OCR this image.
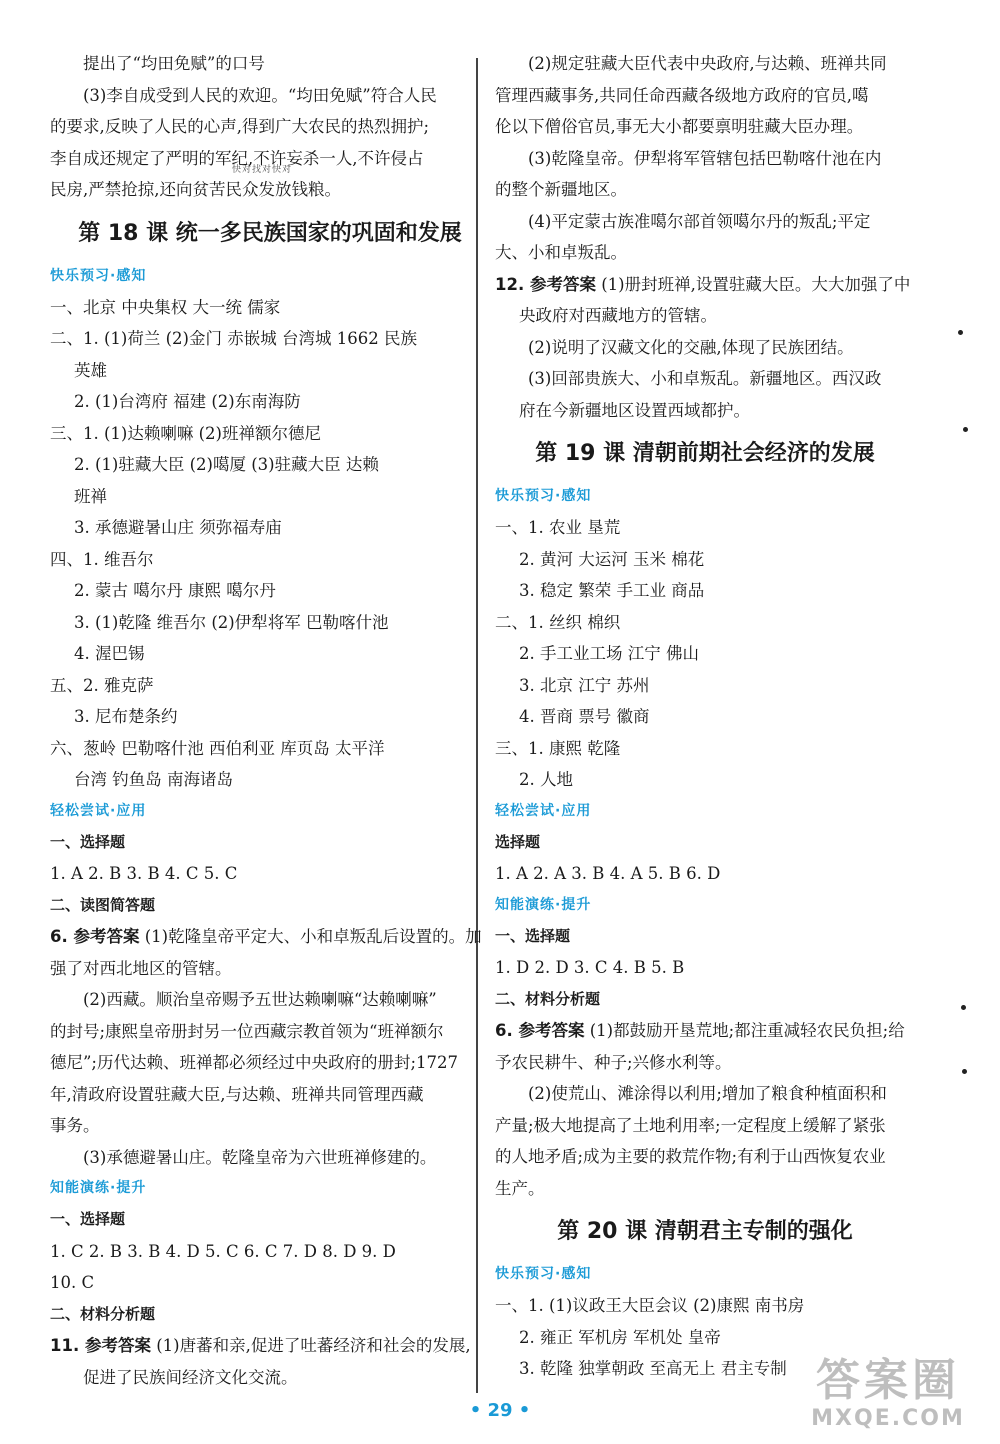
快对找对快对
提出了“均田免赋”的口号
(3)李自成受到人民的欢迎。“均田免赋”符合人民
的要求,反映了人民的心声,得到广大农民的热烈拥护;
李自成还规定了严明的军纪,不许妄杀一人,不许侵占
民房,严禁抢掠,还向贫苦民众发放钱粮。
第 18 课 统一多民族国家的巩固和发展
快乐预习·感知
一、北京 中央集权 大一统 儒家
二、1. (1)荷兰 (2)金门 赤嵌城 台湾城 1662 民族
英雄
2. (1)台湾府 福建 (2)东南海防
三、1. (1)达赖喇嘛 (2)班禅额尔德尼
2. (1)驻藏大臣 (2)噶厦 (3)驻藏大臣 达赖
班禅
3. 承德避暑山庄 须弥福寿庙
四、1. 维吾尔
2. 蒙古 噶尔丹 康熙 噶尔丹
3. (1)乾隆 维吾尔 (2)伊犁将军 巴勒喀什池
4. 渥巴锡
五、2. 雅克萨
3. 尼布楚条约
六、葱岭 巴勒喀什池 西伯利亚 库页岛 太平洋
台湾 钓鱼岛 南海诸岛
轻松尝试·应用
一、选择题
1. A 2. B 3. B 4. C 5. C
二、读图简答题
6. 参考答案 (1)乾隆皇帝平定大、小和卓叛乱后设置的。加
强了对西北地区的管辖。
(2)西藏。顺治皇帝赐予五世达赖喇嘛“达赖喇嘛”
的封号;康熙皇帝册封另一位西藏宗教首领为“班禅额尔
德尼”;历代达赖、班禅都必须经过中央政府的册封;1727
年,清政府设置驻藏大臣,与达赖、班禅共同管理西藏
事务。
(3)承德避暑山庄。乾隆皇帝为六世班禅修建的。
知能演练·提升
一、选择题
1. C 2. B 3. B 4. D 5. C 6. C 7. D 8. D 9. D
10. C
二、材料分析题
11. 参考答案 (1)唐蕃和亲,促进了吐蕃经济和社会的发展,
促进了民族间经济文化交流。
(2)规定驻藏大臣代表中央政府,与达赖、班禅共同
管理西藏事务,共同任命西藏各级地方政府的官员,噶
伦以下僧俗官员,事无大小都要禀明驻藏大臣办理。
(3)乾隆皇帝。伊犁将军管辖包括巴勒喀什池在内
的整个新疆地区。
(4)平定蒙古族准噶尔部首领噶尔丹的叛乱;平定
大、小和卓叛乱。
12. 参考答案 (1)册封班禅,设置驻藏大臣。大大加强了中
央政府对西藏地方的管辖。
(2)说明了汉藏文化的交融,体现了民族团结。
(3)回部贵族大、小和卓叛乱。新疆地区。西汉政
府在今新疆地区设置西域都护。
第 19 课 清朝前期社会经济的发展
快乐预习·感知
一、1. 农业 垦荒
2. 黄河 大运河 玉米 棉花
3. 稳定 繁荣 手工业 商品
二、1. 丝织 棉织
2. 手工业工场 江宁 佛山
3. 北京 江宁 苏州
4. 晋商 票号 徽商
三、1. 康熙 乾隆
2. 人地
轻松尝试·应用
选择题
1. A 2. A 3. B 4. A 5. B 6. D
知能演练·提升
一、选择题
1. D 2. D 3. C 4. B 5. B
二、材料分析题
6. 参考答案 (1)都鼓励开垦荒地;都注重减轻农民负担;给
予农民耕牛、种子;兴修水利等。
(2)使荒山、滩涂得以利用;增加了粮食种植面积和
产量;极大地提高了土地利用率;一定程度上缓解了紧张
的人地矛盾;成为主要的救荒作物;有利于山西恢复农业
生产。
第 20 课 清朝君主专制的强化
快乐预习·感知
一、1. (1)议政王大臣会议 (2)康熙 南书房
2. 雍正 军机房 军机处 皇帝
3. 乾隆 独掌朝政 至高无上 君主专制
• 29 •
答案圈
MXQE.COM
